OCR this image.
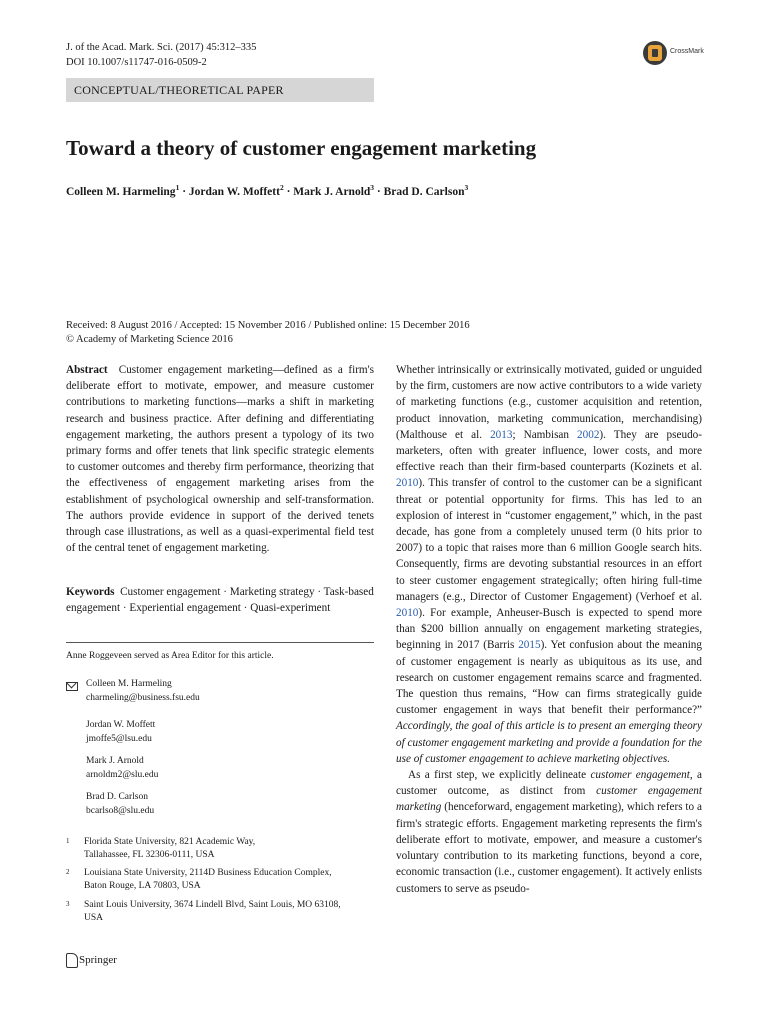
J. of the Acad. Mark. Sci. (2017) 45:312–335
DOI 10.1007/s11747-016-0509-2
CrossMark
CONCEPTUAL/THEORETICAL PAPER
Toward a theory of customer engagement marketing
Colleen M. Harmeling$^1$ · Jordan W. Moffett$^2$ · Mark J. Arnold$^3$ · Brad D. Carlson$^3$
Received: 8 August 2016 / Accepted: 15 November 2016 / Published online: 15 December 2016
© Academy of Marketing Science 2016

Abstract Customer engagement marketing—defined as a firm's deliberate effort to motivate, empower, and measure customer contributions to marketing functions—marks a shift in marketing research and business practice. After defining and differentiating engagement marketing, the authors present a typology of its two primary forms and offer tenets that link specific strategic elements to customer outcomes and thereby firm performance, theorizing that the effectiveness of engagement marketing arises from the establishment of psychological ownership and self-transformation. The authors provide evidence in support of the derived tenets through case illustrations, as well as a quasi-experimental field test of the central tenet of engagement marketing.

Keywords Customer engagement · Marketing strategy · Task-based engagement · Experiential engagement · Quasi-experiment
Anne Roggeveen served as Area Editor for this article.
Colleen M. Harmeling
charmeling@business.fsu.edu
Jordan W. Moffett
jmoffe5@lsu.edu
Mark J. Arnold
arnoldm2@slu.edu
Brad D. Carlson
bcarlso8@slu.edu
1 Florida State University, 821 Academic Way,
Tallahassee, FL 32306-0111, USA
2 Louisiana State University, 2114D Business Education Complex,
Baton Rouge, LA 70803, USA
3 Saint Louis University, 3674 Lindell Blvd, Saint Louis, MO 63108,
USA
Springer

Whether intrinsically or extrinsically motivated, guided or unguided by the firm, customers are now active contributors to a wide variety of marketing functions (e.g., customer acquisition and retention, product innovation, marketing communication, merchandising) (Malthouse et al. 2013; Nambisan 2002). They are pseudo-marketers, often with greater influence, lower costs, and more effective reach than their firm-based counterparts (Kozinets et al. 2010). This transfer of control to the customer can be a significant threat or potential opportunity for firms. This has led to an explosion of interest in “customer engagement,” which, in the past decade, has gone from a completely unused term (0 hits prior to 2007) to a topic that raises more than 6 million Google search hits. Consequently, firms are devoting substantial resources in an effort to steer customer engagement strategically; often hiring full-time managers (e.g., Director of Customer Engagement) (Verhoef et al. 2010). For example, Anheuser-Busch is expected to spend more than $200 billion annually on engagement marketing strategies, beginning in 2017 (Barris 2015). Yet confusion about the meaning of customer engagement is nearly as ubiquitous as its use, and research on customer engagement remains scarce and fragmented. The question thus remains, “How can firms strategically guide customer engagement in ways that benefit their performance?” Accordingly, the goal of this article is to present an emerging theory of customer engagement marketing and provide a foundation for the use of customer engagement to achieve marketing objectives.

As a first step, we explicitly delineate customer engagement, a customer outcome, as distinct from customer engagement marketing (henceforward, engagement marketing), which refers to a firm's strategic efforts. Engagement marketing represents the firm's deliberate effort to motivate, empower, and measure a customer's voluntary contribution to its marketing functions, beyond a core, economic transaction (i.e., customer engagement). It actively enlists customers to serve as pseudo-
